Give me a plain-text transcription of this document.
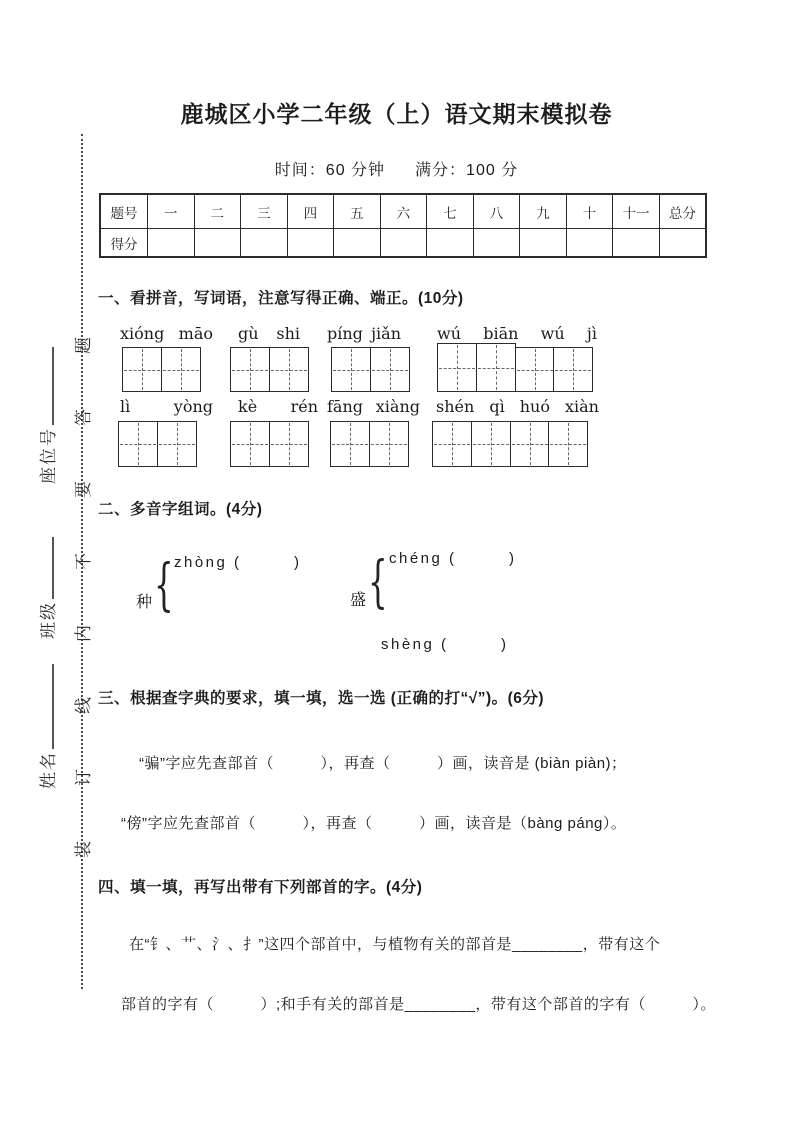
装订线内不要答题
座位号
班级
姓名
鹿城区小学二年级（上）语文期末模拟卷
时间：60 分钟 满分：100 分
题号	一	二	三	四	五	六	七	八	九	十	十一	总分
得分												
一、看拼音，写词语，注意写得正确、端正。(10分)
xióng māo gù shi píng jiǎn wú biān wú jì
lì	yòng kè rén fāng xiàng shén qì huó xiàn
二、多音字组词。(4分)
种 { zhòng (　　　)
盛 { chéng (　　　)
shèng (　　　)
三、根据查字典的要求，填一填，选一选 (正确的打“√”)。(6分)
“骗”字应先查部首（　　　），再查（　　　）画，读音是 (biàn piàn)；
“傍”字应先查部首（　　　），再查（　　　）画，读音是（bàng páng）。
四、填一填，再写出带有下列部首的字。(4分)
在“钅、艹、氵、扌”这四个部首中，与植物有关的部首是________，带有这个
部首的字有（　　　）;和手有关的部首是________，带有这个部首的字有（　　　）。
